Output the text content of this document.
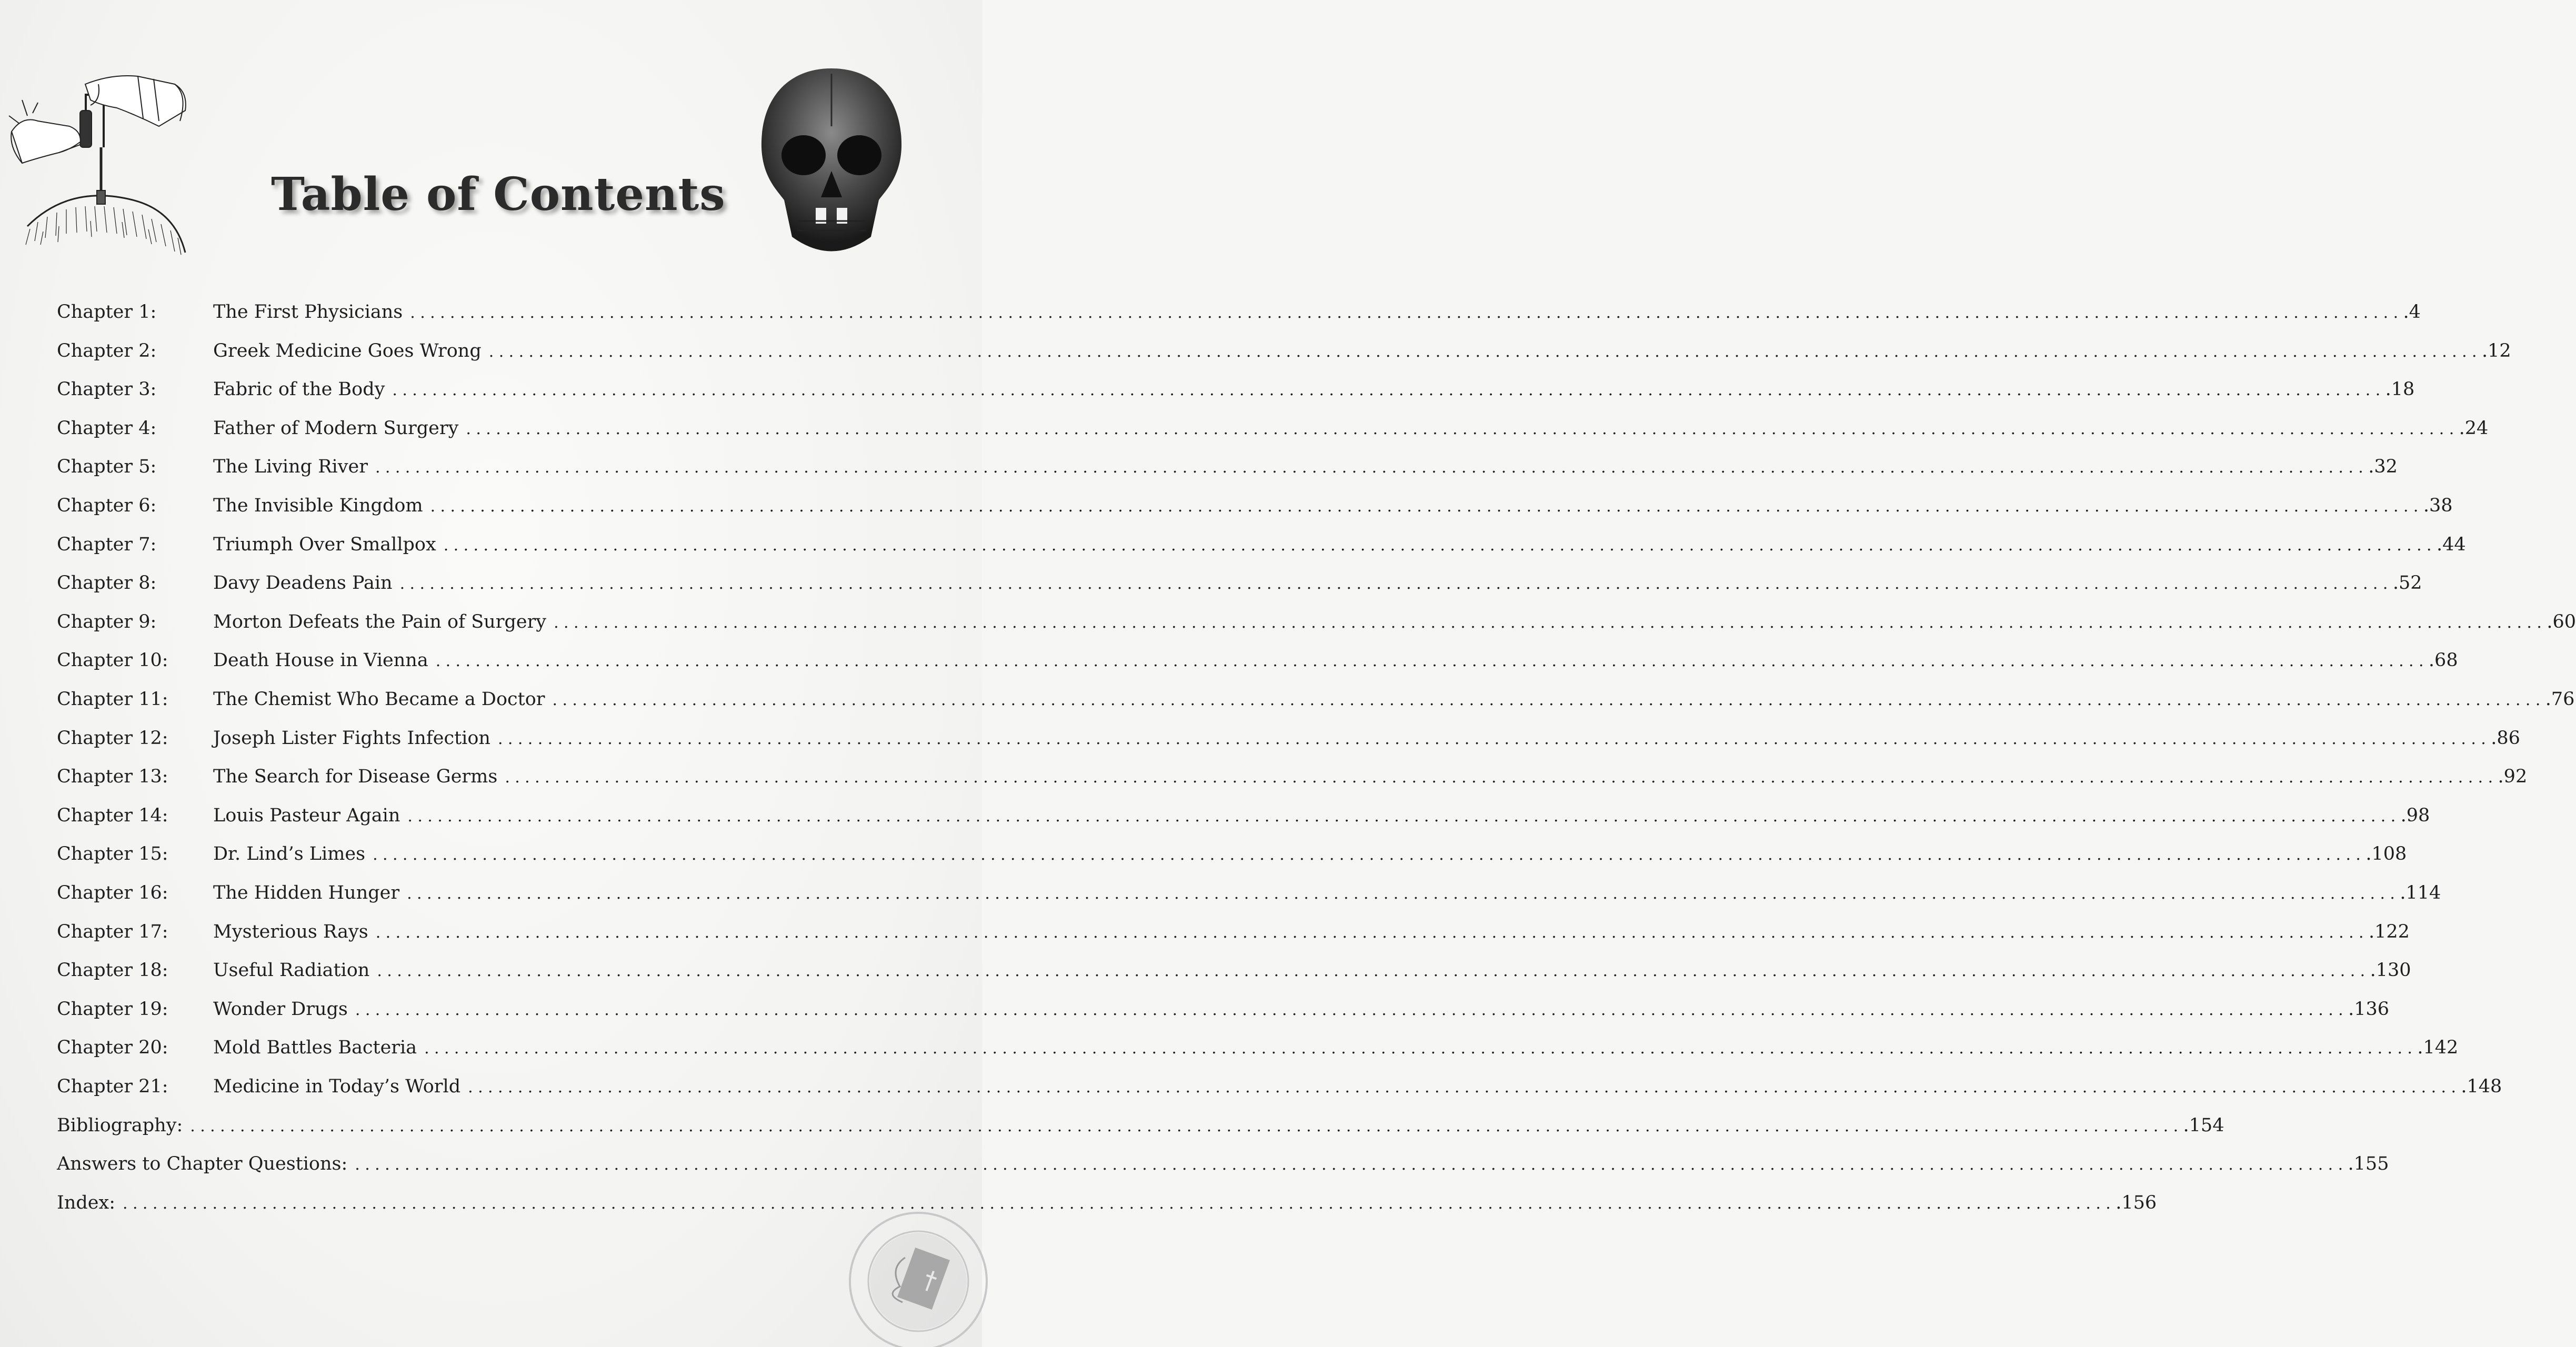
Table of Contents
Chapter 1:	The First Physicians ........................................................................................................................................................................................................ .4
Chapter 2:	Greek Medicine Goes Wrong ........................................................................................................................................................................................................ .12
Chapter 3:	Fabric of the Body ........................................................................................................................................................................................................ .18
Chapter 4:	Father of Modern Surgery ........................................................................................................................................................................................................ .24
Chapter 5:	The Living River ........................................................................................................................................................................................................ .32
Chapter 6:	The Invisible Kingdom ........................................................................................................................................................................................................ .38
Chapter 7:	Triumph Over Smallpox ........................................................................................................................................................................................................ .44
Chapter 8:	Davy Deadens Pain ........................................................................................................................................................................................................ .52
Chapter 9:	Morton Defeats the Pain of Surgery ........................................................................................................................................................................................................ .60
Chapter 10: Death House in Vienna ........................................................................................................................................................................................................ .68
Chapter 11: The Chemist Who Became a Doctor ........................................................................................................................................................................................................ .76
Chapter 12: Joseph Lister Fights Infection ........................................................................................................................................................................................................ .86
Chapter 13: The Search for Disease Germs ........................................................................................................................................................................................................ .92
Chapter 14: Louis Pasteur Again ........................................................................................................................................................................................................ .98
Chapter 15: Dr. Lind’s Limes ........................................................................................................................................................................................................ .108
Chapter 16: The Hidden Hunger ........................................................................................................................................................................................................ .114
Chapter 17: Mysterious Rays ........................................................................................................................................................................................................ .122
Chapter 18: Useful Radiation ........................................................................................................................................................................................................ .130
Chapter 19: Wonder Drugs ........................................................................................................................................................................................................ .136
Chapter 20: Mold Battles Bacteria ........................................................................................................................................................................................................ .142
Chapter 21: Medicine in Today’s World ........................................................................................................................................................................................................ .148
Bibliography: ........................................................................................................................................................................................................ .154
Answers to Chapter Questions: ........................................................................................................................................................................................................ .155
Index: ........................................................................................................................................................................................................ .156
